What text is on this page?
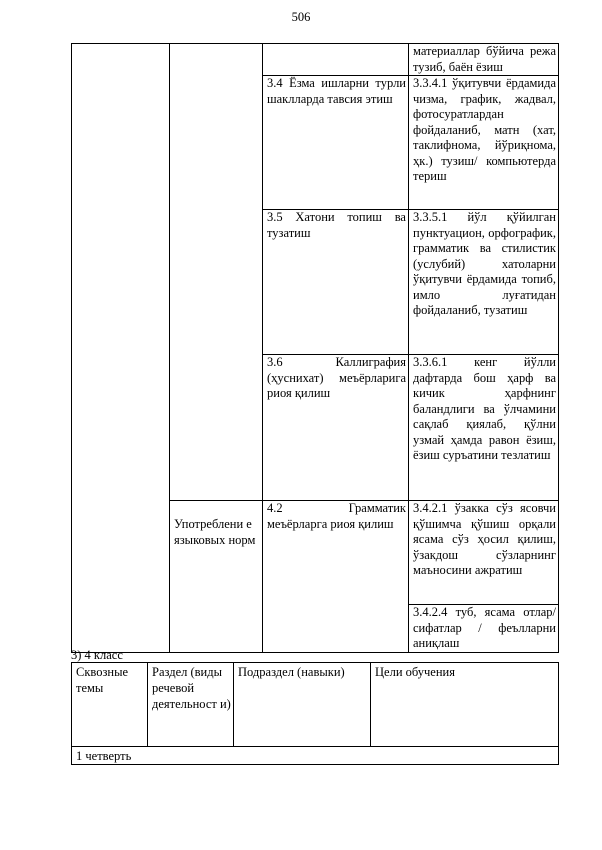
506
			материаллар бўйича режа тузиб, баён ёзиш
		3.4 Ёзма ишларни турли шаклларда тавсия этиш	3.3.4.1 ўқитувчи ёрдамида чизма, график, жадвал, фотосуратлардан фойдаланиб, матн (хат, таклифнома, йўриқнома, ҳк.) тузиш/ компьютерда териш
		3.5 Хатони топиш ва тузатиш	3.3.5.1 йўл қўйилган пунктуацион, орфографик, грамматик ва стилистик (услубий) хатоларни ўқитувчи ёрдамида топиб, имло луғатидан фойдаланиб, тузатиш
		3.6 Каллиграфия (ҳуснихат) меъёрларига риоя қилиш	3.3.6.1 кенг йўлли дафтарда бош ҳарф ва кичик ҳарфнинг баландлиги ва ўлчамини сақлаб қиялаб, қўлни узмай ҳамда равон ёзиш, ёзиш суръатини тезлатиш
	Употреблени е языковых норм	4.2 Грамматик меъёрларга риоя қилиш	3.4.2.1 ўзакка сўз ясовчи қўшимча қўшиш орқали ясама сўз ҳосил қилиш, ўзакдош сўзларнинг маъносини ажратиш
			3.4.2.4 туб, ясама отлар/ сифатлар / феълларни аниқлаш
3) 4 класс
Сквозные темы	Раздел (виды речевой деятельност и)	Подраздел (навыки)	Цели обучения
1 четверть
